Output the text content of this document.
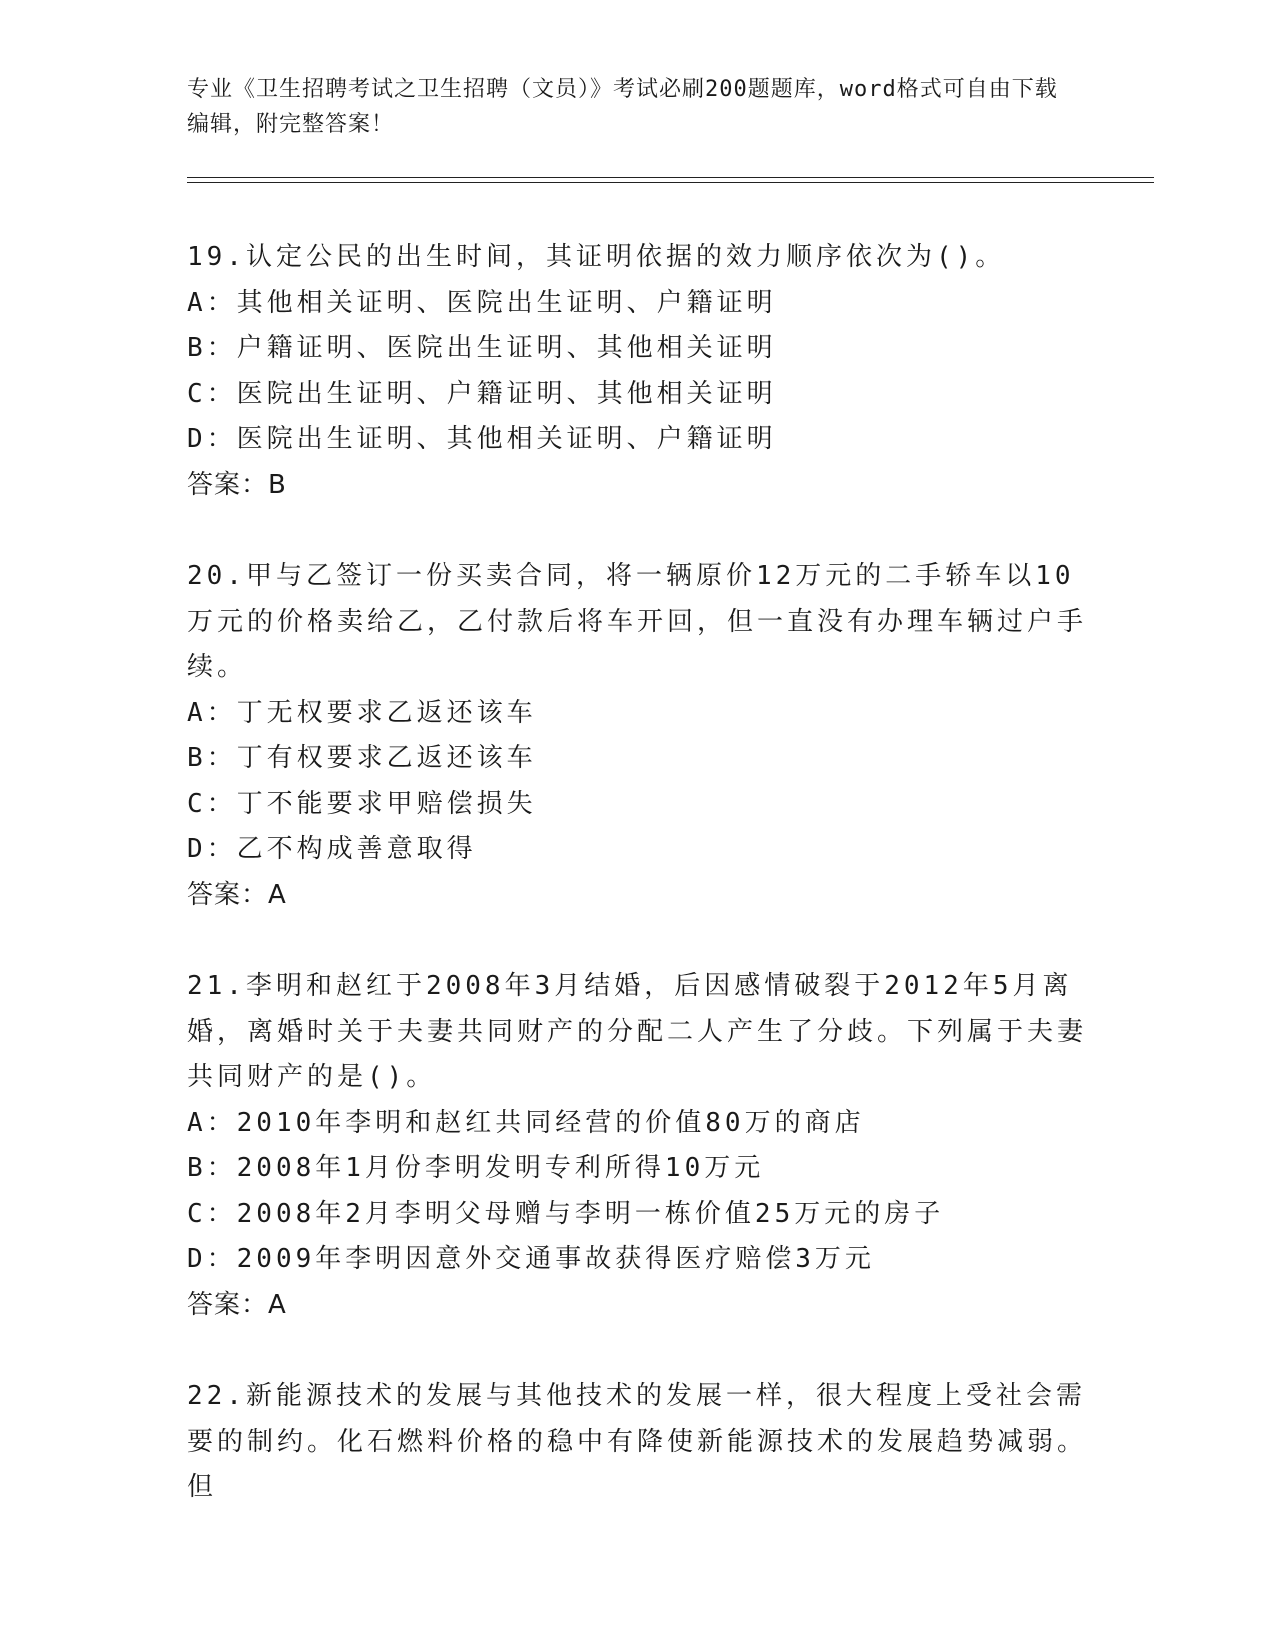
专业《卫生招聘考试之卫生招聘（文员）》考试必刷200题题库，word格式可自由下载编辑，附完整答案！
19.认定公民的出生时间，其证明依据的效力顺序依次为()。
A：其他相关证明、医院出生证明、户籍证明
B：户籍证明、医院出生证明、其他相关证明
C：医院出生证明、户籍证明、其他相关证明
D：医院出生证明、其他相关证明、户籍证明
答案：B
20.甲与乙签订一份买卖合同，将一辆原价12万元的二手轿车以10万元的价格卖给乙，乙付款后将车开回，但一直没有办理车辆过户手续。
A：丁无权要求乙返还该车
B：丁有权要求乙返还该车
C：丁不能要求甲赔偿损失
D：乙不构成善意取得
答案：A
21.李明和赵红于2008年3月结婚，后因感情破裂于2012年5月离婚，离婚时关于夫妻共同财产的分配二人产生了分歧。下列属于夫妻共同财产的是()。
A：2010年李明和赵红共同经营的价值80万的商店
B：2008年1月份李明发明专利所得10万元
C：2008年2月李明父母赠与李明一栋价值25万元的房子
D：2009年李明因意外交通事故获得医疗赔偿3万元
答案：A
22.新能源技术的发展与其他技术的发展一样，很大程度上受社会需要的制约。化石燃料价格的稳中有降使新能源技术的发展趋势减弱。但
